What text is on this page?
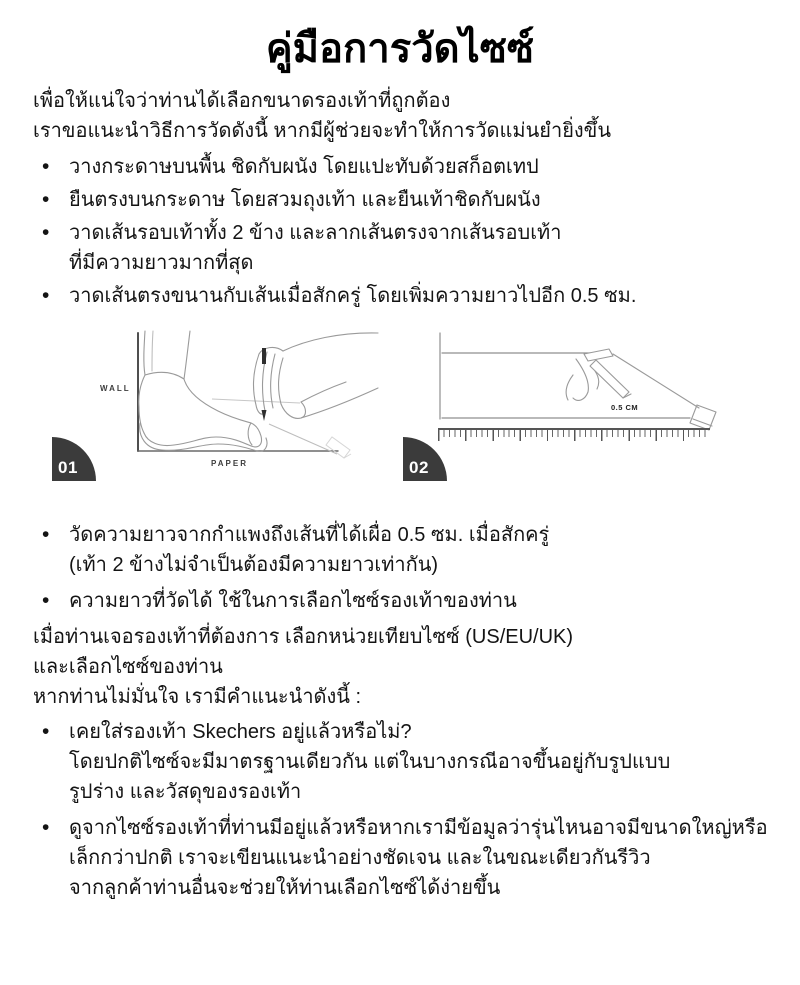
คู่มือการวัดไซซ์

เพื่อให้แน่ใจว่าท่านได้เลือกขนาดรองเท้าที่ถูกต้อง
เราขอแนะนำวิธีการวัดดังนี้ หากมีผู้ช่วยจะทำให้การวัดแม่นยำยิ่งขึ้น

•
วางกระดาษบนพื้น ชิดกับผนัง โดยแปะทับด้วยสก็อตเทป
•
ยืนตรงบนกระดาษ โดยสวมถุงเท้า และยืนเท้าชิดกับผนัง
•
วาดเส้นรอบเท้าทั้ง 2 ข้าง และลากเส้นตรงจากเส้นรอบเท้า
ที่มีความยาวมากที่สุด
•
วาดเส้นตรงขนานกับเส้นเมื่อสักครู่ โดยเพิ่มความยาวไปอีก 0.5 ซม.
WALL
PAPER
01
0.5 CM
02
•
วัดความยาวจากกำแพงถึงเส้นที่ได้เผื่อ 0.5 ซม. เมื่อสักครู่
(เท้า 2 ข้างไม่จำเป็นต้องมีความยาวเท่ากัน)
•
ความยาวที่วัดได้ ใช้ในการเลือกไซซ์รองเท้าของท่าน

เมื่อท่านเจอรองเท้าที่ต้องการ เลือกหน่วยเทียบไซซ์ (US/EU/UK)
และเลือกไซซ์ของท่าน
หากท่านไม่มั่นใจ เรามีคำแนะนำดังนี้ :

•
เคยใส่รองเท้า Skechers อยู่แล้วหรือไม่?
โดยปกติไซซ์จะมีมาตรฐานเดียวกัน แต่ในบางกรณีอาจขึ้นอยู่กับรูปแบบ
รูปร่าง และวัสดุของรองเท้า
•
ดูจากไซซ์รองเท้าที่ท่านมีอยู่แล้วหรือหากเรามีข้อมูลว่ารุ่นไหนอาจมีขนาดใหญ่หรือ
เล็กกว่าปกติ เราจะเขียนแนะนำอย่างชัดเจน และในขณะเดียวกันรีวิว
จากลูกค้าท่านอื่นจะช่วยให้ท่านเลือกไซซ์ได้ง่ายขึ้น
